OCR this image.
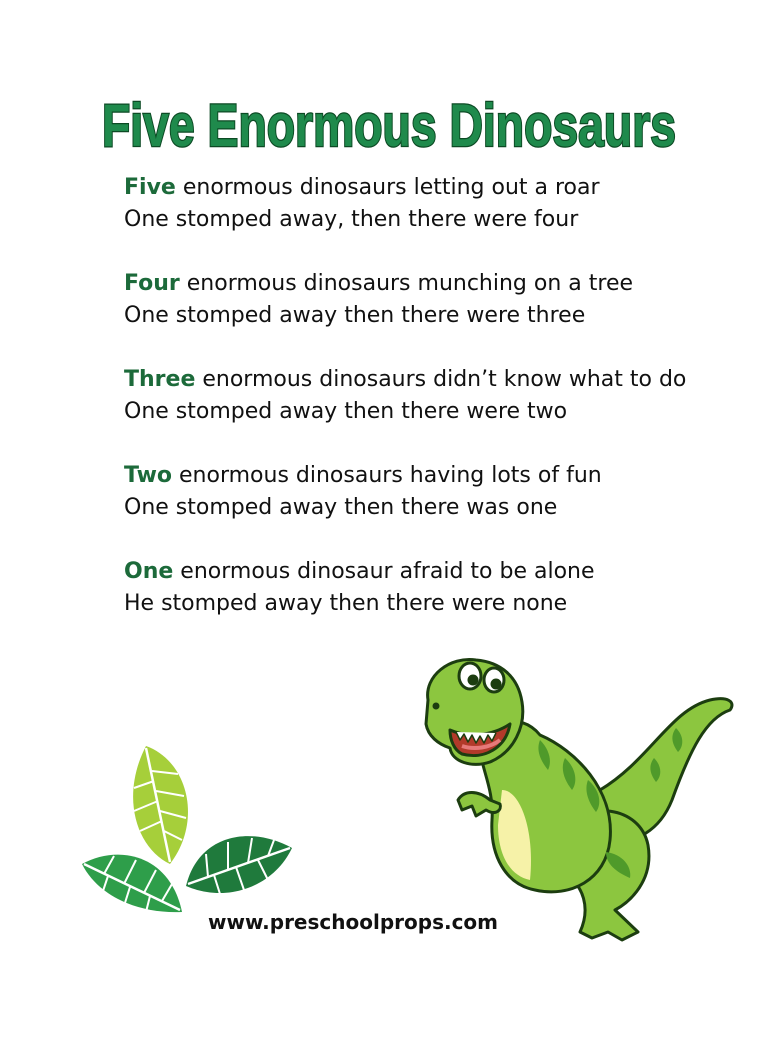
Five Enormous Dinosaurs
Five enormous dinosaurs letting out a roar
One stomped away, then there were four
Four enormous dinosaurs munching on a tree
One stomped away then there were three
Three enormous dinosaurs didn’t know what to do
One stomped away then there were two
Two enormous dinosaurs having lots of fun
One stomped away then there was one
One enormous dinosaur afraid to be alone
He stomped away then there were none
www.preschoolprops.com
